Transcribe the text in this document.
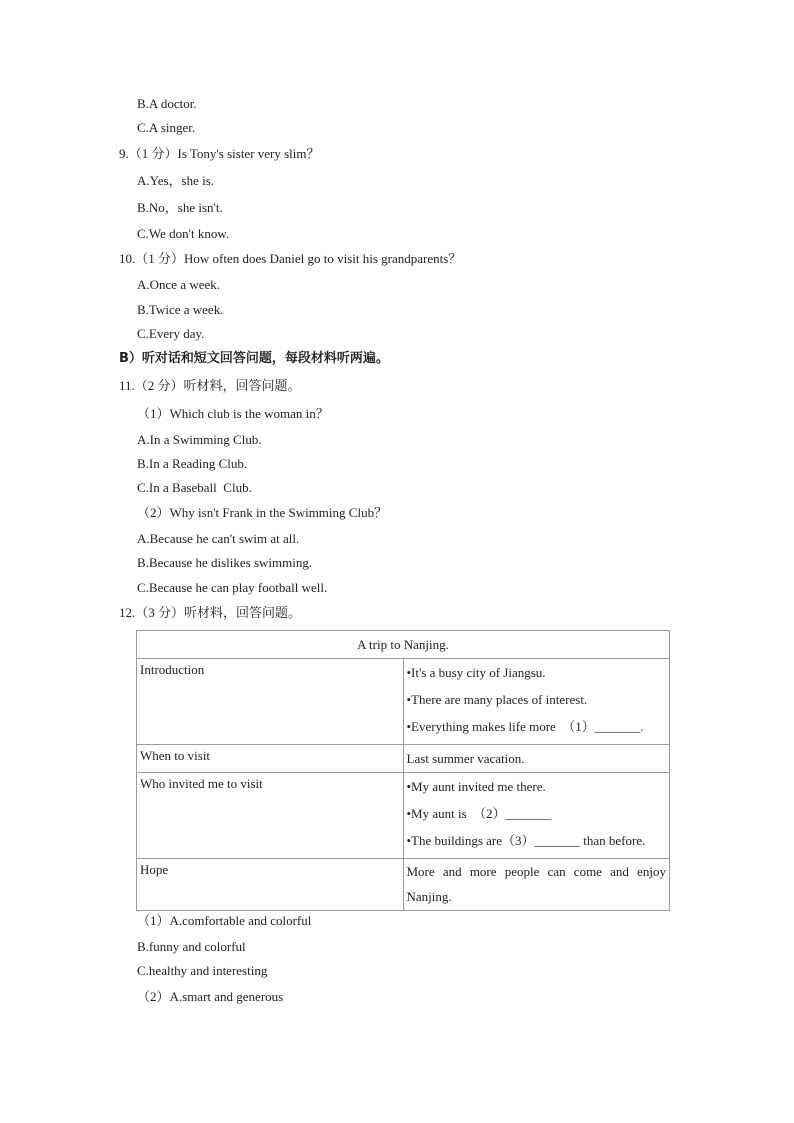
B.A doctor.
C.A singer.
9.（1 分）Is Tony's sister very slim？
A.Yes，she is.
B.No，she isn't.
C.We don't know.
10.（1 分）How often does Daniel go to visit his grandparents？
A.Once a week.
B.Twice a week.
C.Every day.
B）听对话和短文回答问题，每段材料听两遍。
11.（2 分）听材料，回答问题。
（1）Which club is the woman in？
A.In a Swimming Club.
B.In a Reading Club.
C.In a Baseball  Club.
（2）Why isn't Frank in the Swimming Club？
A.Because he can't swim at all.
B.Because he dislikes swimming.
C.Because he can play football well.
12.（3 分）听材料，回答问题。
A trip to Nanjing.	
Introduction	•It's a busy city of Jiangsu.
•There are many places of interest.
•Everything makes life more  （1）_______.

When to visit	Last summer vacation.

Who invited me to visit	•My aunt invited me there.
•My aunt is  （2）_______
•The buildings are（3）_______ than before.

Hope	More and more people can come and enjoy
Nanjing.
（1）A.comfortable and colorful
B.funny and colorful
C.healthy and interesting
（2）A.smart and generous
